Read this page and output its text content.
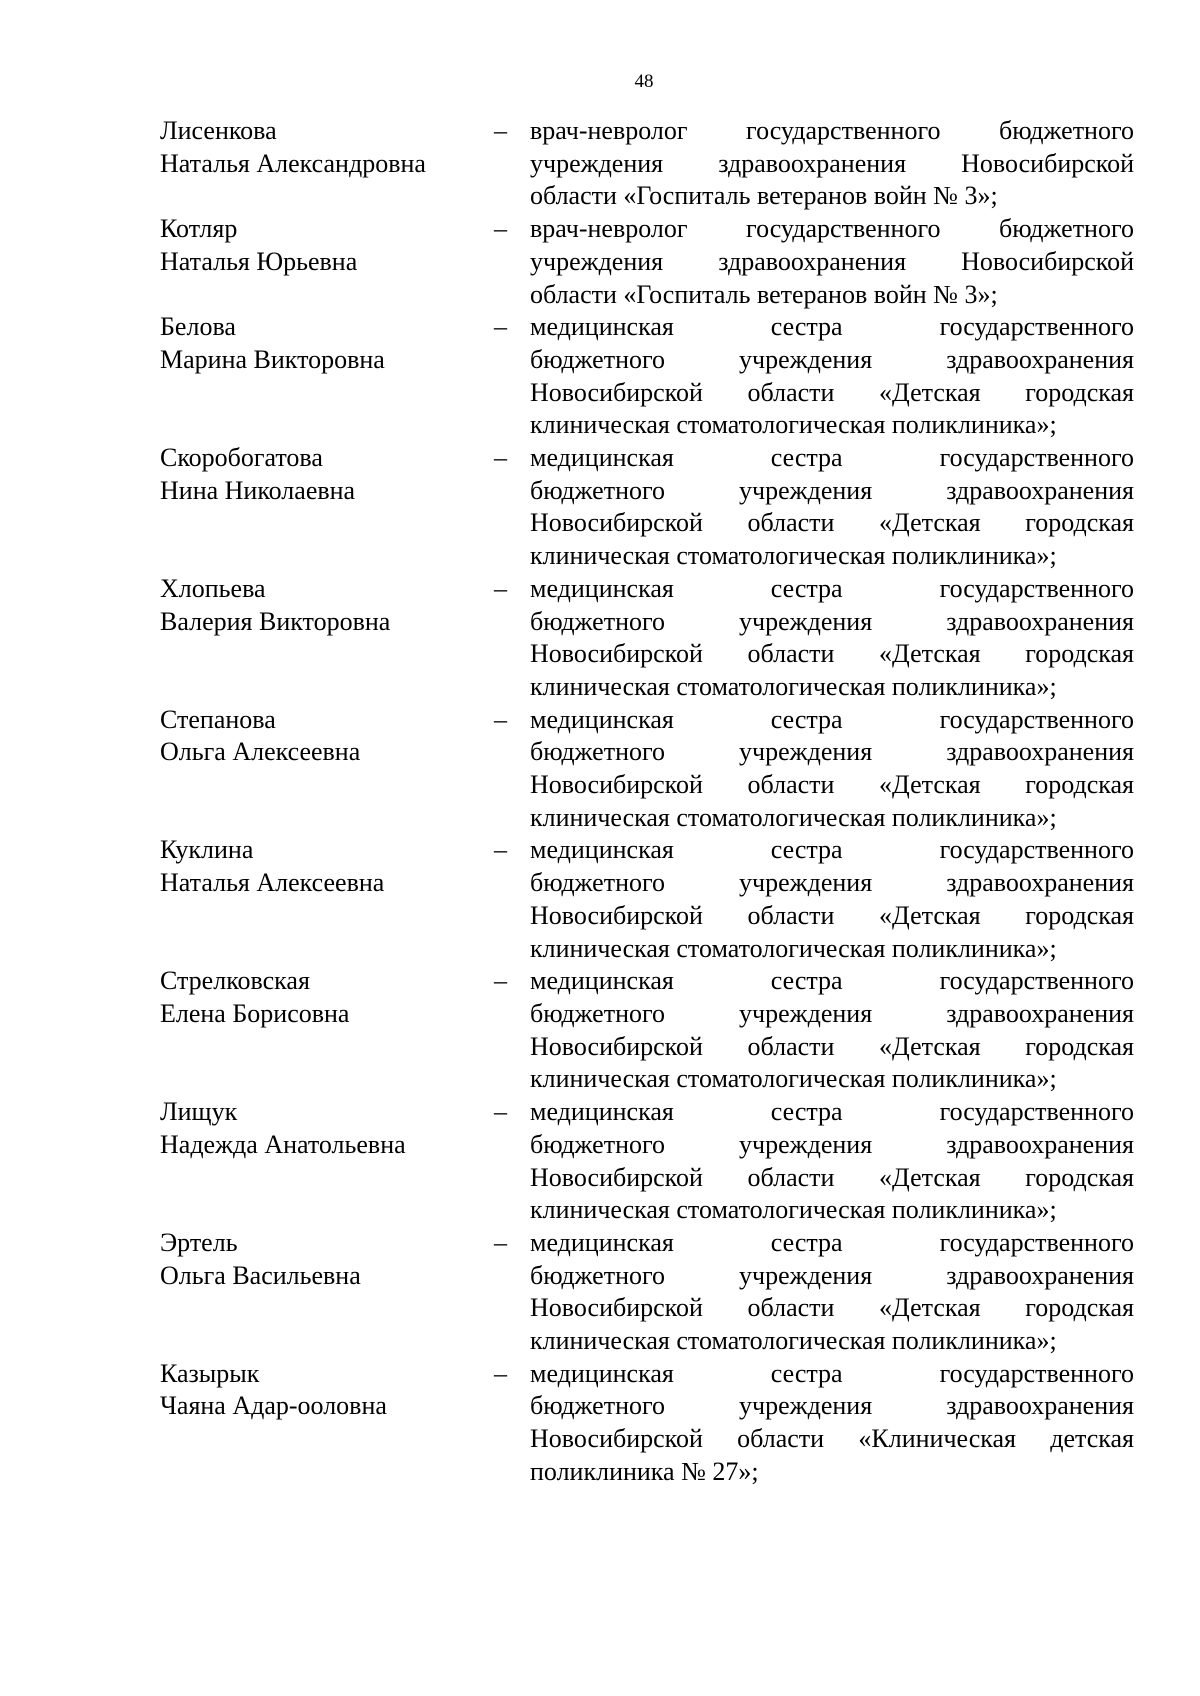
48
Лисенкова
Наталья Александровна
– врач-невролог государственного бюджетного
учреждения здравоохранения Новосибирской
области «Госпиталь ветеранов войн № 3»;
Котляр
Наталья Юрьевна
– врач-невролог государственного бюджетного
учреждения здравоохранения Новосибирской
области «Госпиталь ветеранов войн № 3»;
Белова
Марина Викторовна
– медицинская сестра государственного
бюджетного учреждения здравоохранения
Новосибирской области «Детская городская
клиническая стоматологическая поликлиника»;
Скоробогатова
Нина Николаевна
– медицинская сестра государственного
бюджетного учреждения здравоохранения
Новосибирской области «Детская городская
клиническая стоматологическая поликлиника»;
Хлопьева
Валерия Викторовна
– медицинская сестра государственного
бюджетного учреждения здравоохранения
Новосибирской области «Детская городская
клиническая стоматологическая поликлиника»;
Степанова
Ольга Алексеевна
– медицинская сестра государственного
бюджетного учреждения здравоохранения
Новосибирской области «Детская городская
клиническая стоматологическая поликлиника»;
Куклина
Наталья Алексеевна
– медицинская сестра государственного
бюджетного учреждения здравоохранения
Новосибирской области «Детская городская
клиническая стоматологическая поликлиника»;
Стрелковская
Елена Борисовна
– медицинская сестра государственного
бюджетного учреждения здравоохранения
Новосибирской области «Детская городская
клиническая стоматологическая поликлиника»;
Лищук
Надежда Анатольевна
– медицинская сестра государственного
бюджетного учреждения здравоохранения
Новосибирской области «Детская городская
клиническая стоматологическая поликлиника»;
Эртель
Ольга Васильевна
– медицинская сестра государственного
бюджетного учреждения здравоохранения
Новосибирской области «Детская городская
клиническая стоматологическая поликлиника»;
Казырык
Чаяна Адар-ооловна
– медицинская сестра государственного
бюджетного учреждения здравоохранения
Новосибирской области «Клиническая детская
поликлиника № 27»;
